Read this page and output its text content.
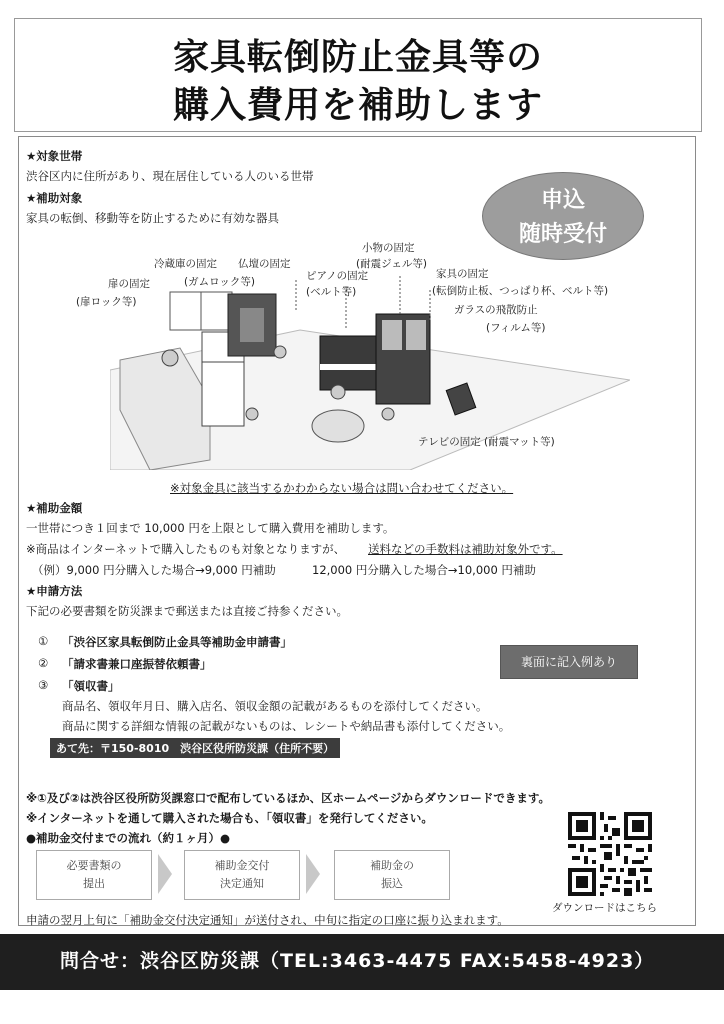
家具転倒防止金具等の
購入費用を補助します
★対象世帯
渋谷区内に住所があり、現在居住している人のいる世帯
★補助対象
家具の転倒、移動等を防止するために有効な器具
申込
随時受付
扉の固定
(扉ロック等)
冷蔵庫の固定 仏壇の固定
(ガムロック等)
小物の固定
(耐震ジェル等)
ピアノの固定
(ベルト等)
家具の固定
(転倒防止板、つっぱり杯、ベルト等)
ガラスの飛散防止
(フィルム等)
テレビの固定 (耐震マット等)
※対象金具に該当するかわからない場合は問い合わせてください。
★補助金額
一世帯につき１回まで 10,000 円を上限として購入費用を補助します。
※商品はインターネットで購入したものも対象となりますが、 送料などの手数料は補助対象外です。
（例）9,000 円分購入した場合→9,000 円補助	12,000 円分購入した場合→10,000 円補助
★申請方法
下記の必要書類を防災課まで郵送または直接ご持参ください。
① 「渋谷区家具転倒防止金具等補助金申請書」
② 「請求書兼口座振替依頼書」
③ 「領収書」
商品名、領収年月日、購入店名、領収金額の記載があるものを添付してください。
商品に関する詳細な情報の記載がないものは、レシートや納品書も添付してください。
裏面に記入例あり
あて先：〒150-8010　渋谷区役所防災課（住所不要）
※①及び②は渋谷区役所防災課窓口で配布しているほか、区ホームページからダウンロードできます。
※インターネットを通して購入された場合も、「領収書」を発行してください。
●補助金交付までの流れ（約１ヶ月）●
必要書類の
提出
補助金交付
決定通知
補助金の
振込
ダウンロードはこちら
申請の翌月上旬に「補助金交付決定通知」が送付され、中旬に指定の口座に振り込まれます。
問合せ：渋谷区防災課（TEL:3463-4475 FAX:5458-4923）
